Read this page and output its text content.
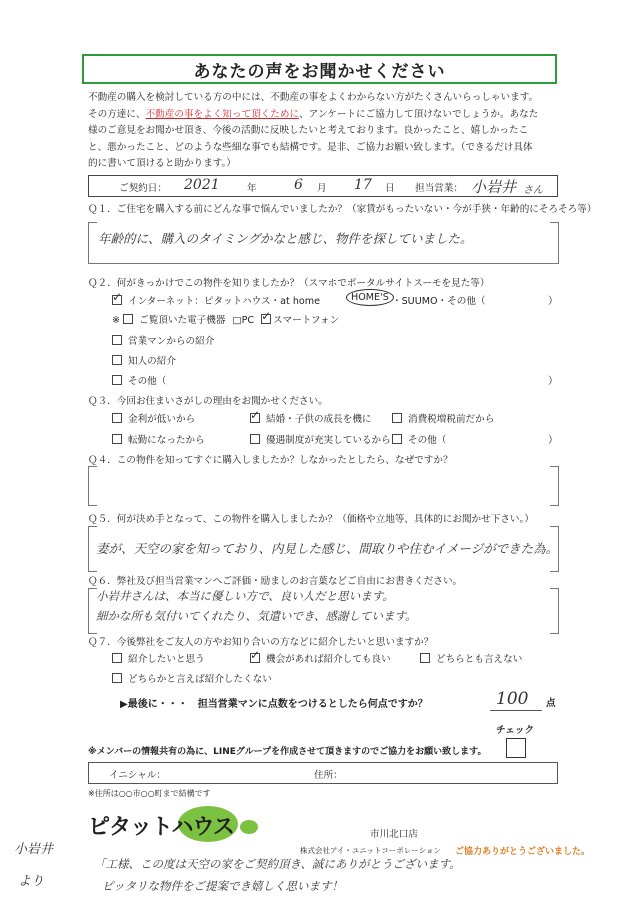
あなたの声をお聞かせください
不動産の購入を検討している方の中には、不動産の事をよくわからない方がたくさんいらっしゃいます。
その方達に、不動産の事をよく知って頂くために、アンケートにご協力して頂けないでしょうか。あなた
様のご意見をお聞かせ頂き、今後の活動に反映したいと考えております。良かったこと、嬉しかったこ
と、悪かったこと、どのような些細な事でも結構です。是非、ご協力お願い致します。（できるだけ具体
的に書いて頂けると助かります。）
ご契約日： 2021	年	6 月 17 日 担当営業： 小岩井 さん
Ｑ１．ご住宅を購入する前にどんな事で悩んでいましたか？（家賃がもったいない・今が手狭・年齢的にそろそろ等）
年齢的に、購入のタイミングかなと感じ、物件を探していました。
Ｑ２．何がきっかけでこの物件を知りましたか？（スマホでポータルサイトスーモを見た等）
✓ インターネット：ピタットハウス・at home	HOME'S ・SUUMO・その他（	）
※ ご覧頂いた電子機器 □PC ✓ スマートフォン
営業マンからの紹介
知人の紹介
その他（	）
Ｑ３．今回お住まいさがしの理由をお聞かせください。
金利が低いから	✓ 結婚・子供の成長を機に	消費税増税前だから
転勤になったから	優遇制度が充実しているから	その他（	）
Ｑ４．この物件を知ってすぐに購入しましたか？しなかったとしたら、なぜですか？
Ｑ５．何が決め手となって、この物件を購入しましたか？（価格や立地等、具体的にお聞かせ下さい。）
妻が、天空の家を知っており、内見した感じ、間取りや住むイメージができた為。
Ｑ６．弊社及び担当営業マンへご評価・励ましのお言葉などご自由にお書きください。
小岩井さんは、本当に優しい方で、良い人だと思います。
細かな所も気付いてくれたり、気遣いでき、感謝しています。
Ｑ７．今後弊社をご友人の方やお知り合いの方などに紹介したいと思いますか？
紹介したいと思う	✓ 機会があれば紹介しても良い	どちらとも言えない
どちらかと言えば紹介したくない
▶最後に・・・　担当営業マンに点数をつけるとしたら何点ですか？	100 点
チェック
※メンバーの情報共有の為に、LINEグループを作成させて頂きますのでご協力をお願い致します。
イニシャル：	住所：
※住所は○○市○○町まで結構です
ピタットハウス	市川北口店
株式会社アイ・ユニットコーポレーション ご協力ありがとうございました。
小岩井
より
「工様、この度は天空の家をご契約頂き、誠にありがとうございます。
ピッタリな物件をご提案でき嬉しく思います！
